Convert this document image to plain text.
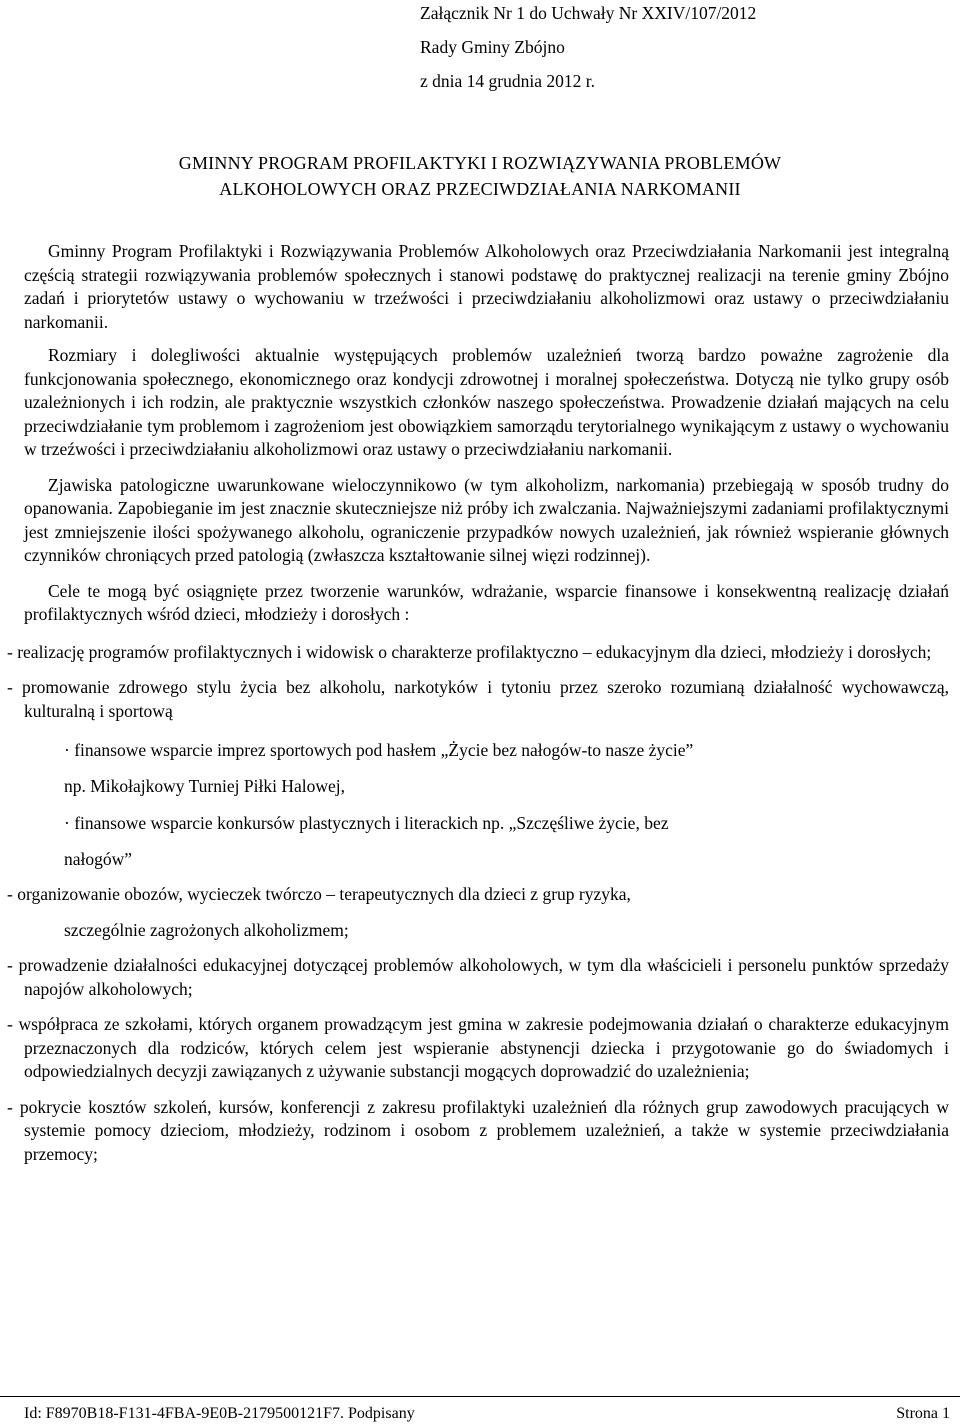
Załącznik Nr 1 do Uchwały Nr XXIV/107/2012
Rady Gminy Zbójno
z dnia 14 grudnia 2012 r.
GMINNY PROGRAM PROFILAKTYKI I ROZWIĄZYWANIA PROBLEMÓW
ALKOHOLOWYCH ORAZ PRZECIWDZIAŁANIA NARKOMANII

Gminny Program Profilaktyki i Rozwiązywania Problemów Alkoholowych oraz Przeciwdziałania Narkomanii jest integralną częścią strategii rozwiązywania problemów społecznych i stanowi podstawę do praktycznej realizacji na terenie gminy Zbójno zadań i priorytetów ustawy o wychowaniu w trzeźwości i przeciwdziałaniu alkoholizmowi oraz ustawy o przeciwdziałaniu narkomanii.

Rozmiary i dolegliwości aktualnie występujących problemów uzależnień tworzą bardzo poważne zagrożenie dla funkcjonowania społecznego, ekonomicznego oraz kondycji zdrowotnej i moralnej społeczeństwa. Dotyczą nie tylko grupy osób uzależnionych i ich rodzin, ale praktycznie wszystkich członków naszego społeczeństwa. Prowadzenie działań mających na celu przeciwdziałanie tym problemom i zagrożeniom jest obowiązkiem samorządu terytorialnego wynikającym z ustawy o wychowaniu w trzeźwości i przeciwdziałaniu alkoholizmowi oraz ustawy o przeciwdziałaniu narkomanii.

Zjawiska patologiczne uwarunkowane wieloczynnikowo (w tym alkoholizm, narkomania) przebiegają w sposób trudny do opanowania. Zapobieganie im jest znacznie skuteczniejsze niż próby ich zwalczania. Najważniejszymi zadaniami profilaktycznymi jest zmniejszenie ilości spożywanego alkoholu, ograniczenie przypadków nowych uzależnień, jak również wspieranie głównych czynników chroniących przed patologią (zwłaszcza kształtowanie silnej więzi rodzinnej).

Cele te mogą być osiągnięte przez tworzenie warunków, wdrażanie, wsparcie finansowe i konsekwentną realizację działań profilaktycznych wśród dzieci, młodzieży i dorosłych :

- realizację programów profilaktycznych i widowisk o charakterze profilaktyczno – edukacyjnym dla dzieci, młodzieży i dorosłych;

- promowanie zdrowego stylu życia bez alkoholu, narkotyków i tytoniu przez szeroko rozumianą działalność wychowawczą, kulturalną i sportową

· finansowe wsparcie imprez sportowych pod hasłem „Życie bez nałogów-to nasze życie”

np. Mikołajkowy Turniej Piłki Halowej,

· finansowe wsparcie konkursów plastycznych i literackich np. „Szczęśliwe życie, bez

nałogów”

- organizowanie obozów, wycieczek twórczo – terapeutycznych dla dzieci z grup ryzyka,

szczególnie zagrożonych alkoholizmem;

- prowadzenie działalności edukacyjnej dotyczącej problemów alkoholowych, w tym dla właścicieli i personelu punktów sprzedaży napojów alkoholowych;

- współpraca ze szkołami, których organem prowadzącym jest gmina w zakresie podejmowania działań o charakterze edukacyjnym przeznaczonych dla rodziców, których celem jest wspieranie abstynencji dziecka i przygotowanie go do świadomych i odpowiedzialnych decyzji zawiązanych z używanie substancji mogących doprowadzić do uzależnienia;

- pokrycie kosztów szkoleń, kursów, konferencji z zakresu profilaktyki uzależnień dla różnych grup zawodowych pracujących w systemie pomocy dzieciom, młodzieży, rodzinom i osobom z problemem uzależnień, a także w systemie przeciwdziałania przemocy;

Id: F8970B18-F131-4FBA-9E0B-2179500121F7. Podpisany	Strona 1
